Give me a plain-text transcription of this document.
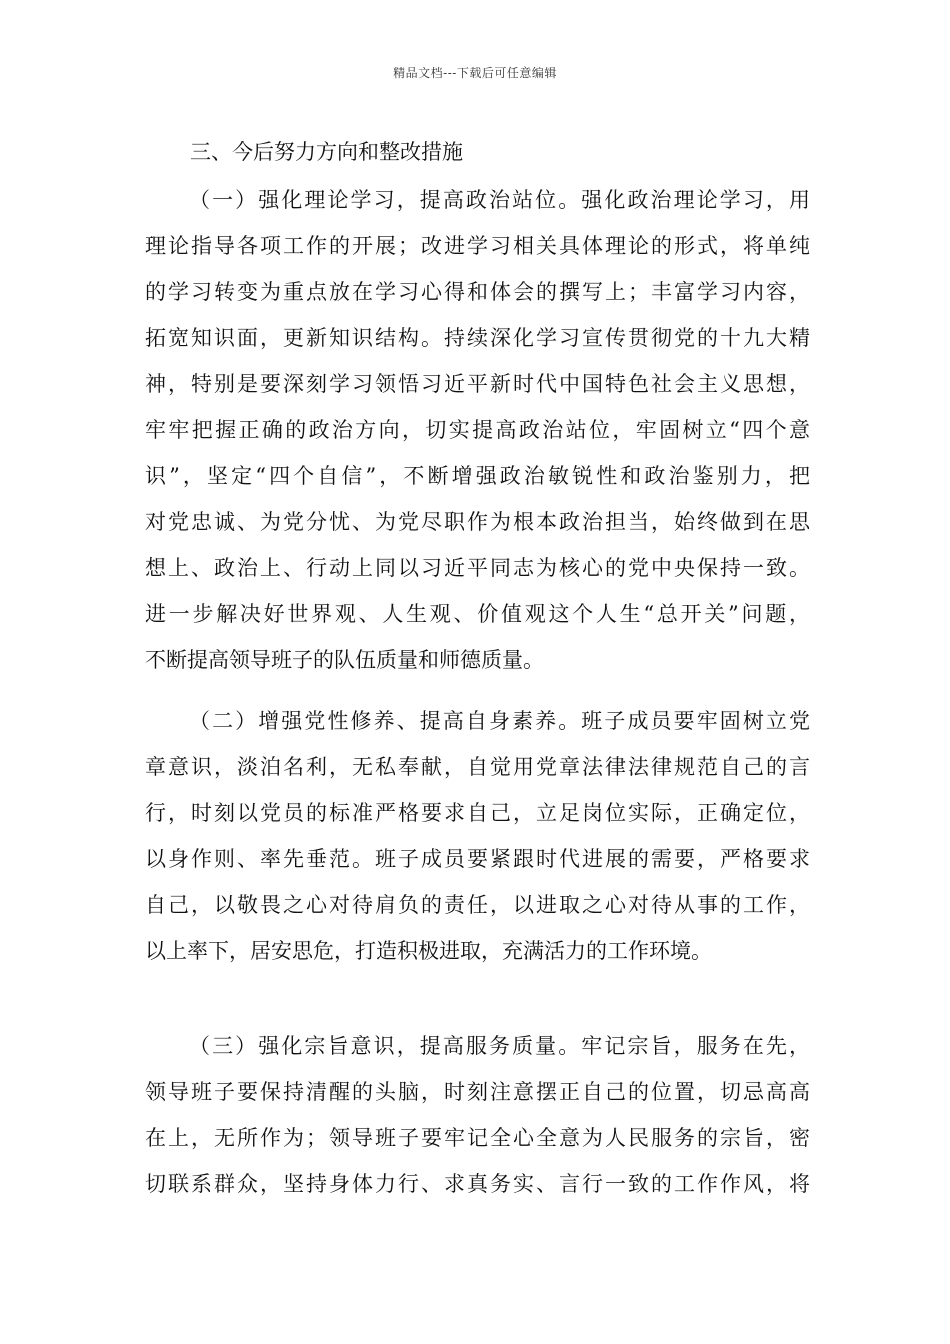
精品文档---下载后可任意编辑
三、今后努力方向和整改措施
（一）强化理论学习，提高政治站位。强化政治理论学习，用
理论指导各项工作的开展；改进学习相关具体理论的形式，将单纯
的学习转变为重点放在学习心得和体会的撰写上；丰富学习内容，
拓宽知识面，更新知识结构。持续深化学习宣传贯彻党的十九大精
神，特别是要深刻学习领悟习近平新时代中国特色社会主义思想，
牢牢把握正确的政治方向，切实提高政治站位，牢固树立“四个意
识”，坚定“四个自信”，不断增强政治敏锐性和政治鉴别力，把
对党忠诚、为党分忧、为党尽职作为根本政治担当，始终做到在思
想上、政治上、行动上同以习近平同志为核心的党中央保持一致。
进一步解决好世界观、人生观、价值观这个人生“总开关”问题，
不断提高领导班子的队伍质量和师德质量。
（二）增强党性修养、提高自身素养。班子成员要牢固树立党
章意识，淡泊名利，无私奉献，自觉用党章法律法律规范自己的言
行，时刻以党员的标准严格要求自己，立足岗位实际，正确定位，
以身作则、率先垂范。班子成员要紧跟时代进展的需要，严格要求
自己，以敬畏之心对待肩负的责任，以进取之心对待从事的工作，
以上率下，居安思危，打造积极进取，充满活力的工作环境。
（三）强化宗旨意识，提高服务质量。牢记宗旨，服务在先，
领导班子要保持清醒的头脑，时刻注意摆正自己的位置，切忌高高
在上，无所作为；领导班子要牢记全心全意为人民服务的宗旨，密
切联系群众，坚持身体力行、求真务实、言行一致的工作作风，将
